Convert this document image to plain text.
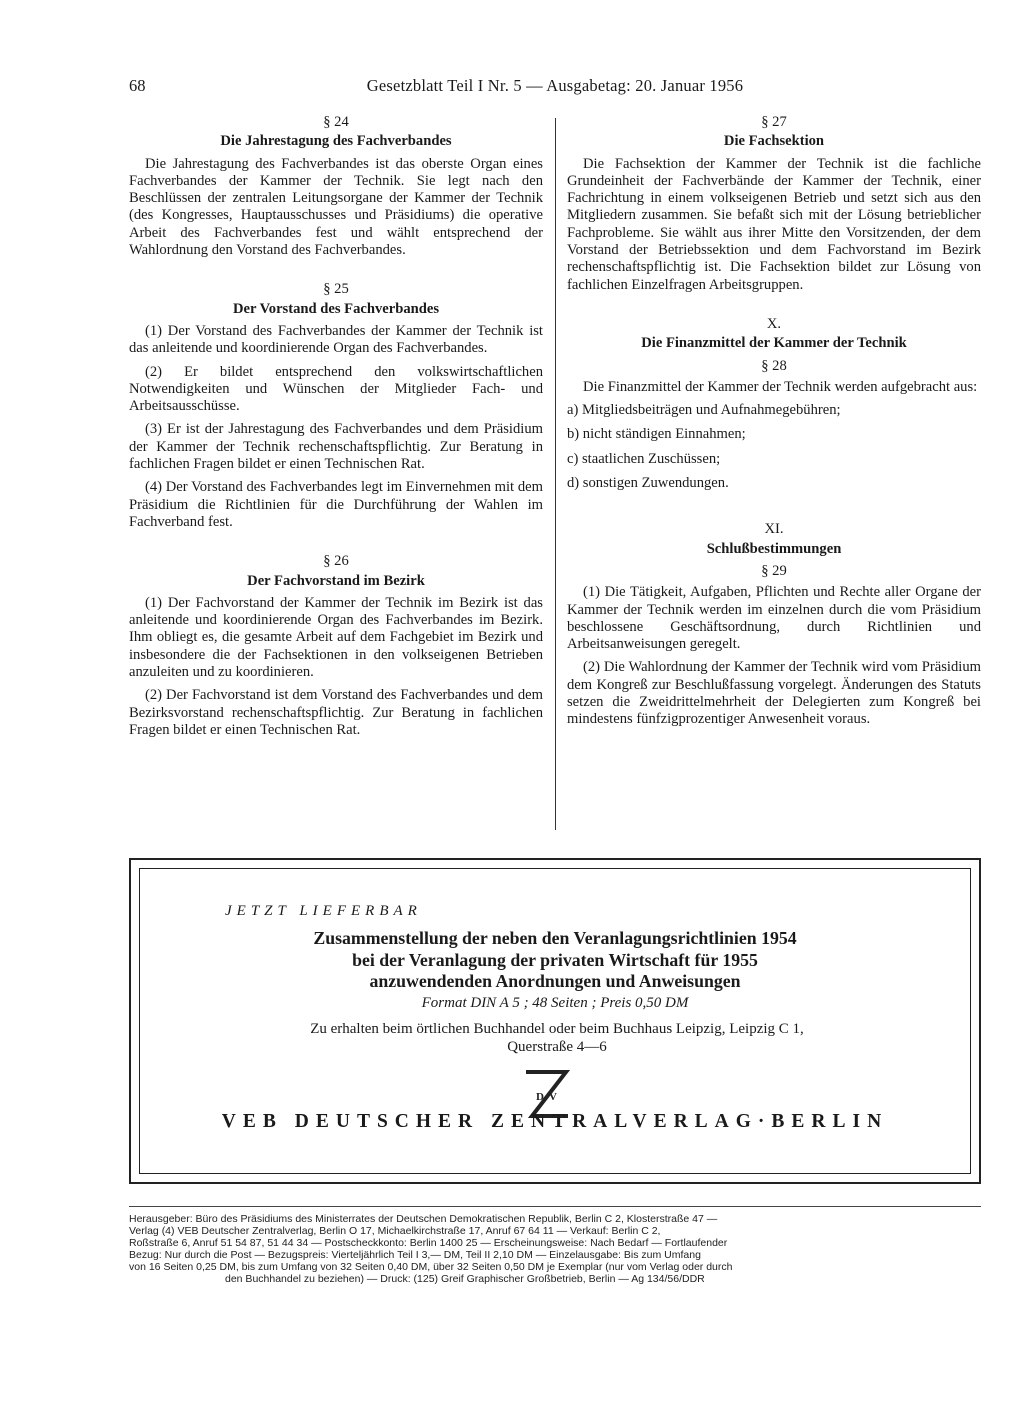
68	Gesetzblatt Teil I Nr. 5 — Ausgabetag: 20. Januar 1956
§ 24
Die Jahrestagung des Fachverbandes

Die Jahrestagung des Fachverbandes ist das oberste Organ eines Fachverbandes der Kammer der Technik. Sie legt nach den Beschlüssen der zentralen Leitungsorgane der Kammer der Technik (des Kongresses, Hauptausschusses und Präsidiums) die operative Arbeit des Fachverbandes fest und wählt entsprechend der Wahlordnung den Vorstand des Fachverbandes.

§ 25
Der Vorstand des Fachverbandes

(1) Der Vorstand des Fachverbandes der Kammer der Technik ist das anleitende und koordinierende Organ des Fachverbandes.

(2) Er bildet entsprechend den volkswirtschaftlichen Notwendigkeiten und Wünschen der Mitglieder Fach- und Arbeitsausschüsse.

(3) Er ist der Jahrestagung des Fachverbandes und dem Präsidium der Kammer der Technik rechenschaftspflichtig. Zur Beratung in fachlichen Fragen bildet er einen Technischen Rat.

(4) Der Vorstand des Fachverbandes legt im Einvernehmen mit dem Präsidium die Richtlinien für die Durchführung der Wahlen im Fachverband fest.

§ 26
Der Fachvorstand im Bezirk

(1) Der Fachvorstand der Kammer der Technik im Bezirk ist das anleitende und koordinierende Organ des Fachverbandes im Bezirk. Ihm obliegt es, die gesamte Arbeit auf dem Fachgebiet im Bezirk und insbesondere die der Fachsektionen in den volkseigenen Betrieben anzuleiten und zu koordinieren.

(2) Der Fachvorstand ist dem Vorstand des Fachverbandes und dem Bezirksvorstand rechenschaftspflichtig. Zur Beratung in fachlichen Fragen bildet er einen Technischen Rat.

§ 27
Die Fachsektion

Die Fachsektion der Kammer der Technik ist die fachliche Grundeinheit der Fachverbände der Kammer der Technik, einer Fachrichtung in einem volkseigenen Betrieb und setzt sich aus den Mitgliedern zusammen. Sie befaßt sich mit der Lösung betrieblicher Fachprobleme. Sie wählt aus ihrer Mitte den Vorsitzenden, der dem Vorstand der Betriebssektion und dem Fachvorstand im Bezirk rechenschaftspflichtig ist. Die Fachsektion bildet zur Lösung von fachlichen Einzelfragen Arbeitsgruppen.

X.
Die Finanzmittel der Kammer der Technik
§ 28

Die Finanzmittel der Kammer der Technik werden aufgebracht aus:

a) Mitgliedsbeiträgen und Aufnahmegebühren;
b) nicht ständigen Einnahmen;
c) staatlichen Zuschüssen;
d) sonstigen Zuwendungen.
XI.
Schlußbestimmungen
§ 29

(1) Die Tätigkeit, Aufgaben, Pflichten und Rechte aller Organe der Kammer der Technik werden im einzelnen durch die vom Präsidium beschlossene Geschäftsordnung, durch Richtlinien und Arbeitsanweisungen geregelt.

(2) Die Wahlordnung der Kammer der Technik wird vom Präsidium dem Kongreß zur Beschlußfassung vorgelegt. Änderungen des Statuts setzen die Zweidrittelmehrheit der Delegierten zum Kongreß bei mindestens fünfzigprozentiger Anwesenheit voraus.

JETZT LIEFERBAR
Zusammenstellung der neben den Veranlagungsrichtlinien 1954
bei der Veranlagung der privaten Wirtschaft für 1955
anzuwendenden Anordnungen und Anweisungen
Format DIN A 5 ; 48 Seiten ; Preis 0,50 DM
Zu erhalten beim örtlichen Buchhandel oder beim Buchhaus Leipzig, Leipzig C 1,
Querstraße 4—6
D V
VEB DEUTSCHER ZENTRALVERLAG·BERLIN
Herausgeber: Büro des Präsidiums des Ministerrates der Deutschen Demokratischen Republik, Berlin C 2, Klosterstraße 47 —
Verlag (4) VEB Deutscher Zentralverlag, Berlin O 17, Michaelkirchstraße 17, Anruf 67 64 11 — Verkauf: Berlin C 2,
Roßstraße 6, Anruf 51 54 87, 51 44 34 — Postscheckkonto: Berlin 1400 25 — Erscheinungsweise: Nach Bedarf — Fortlaufender
Bezug: Nur durch die Post — Bezugspreis: Vierteljährlich Teil I 3,— DM, Teil II 2,10 DM — Einzelausgabe: Bis zum Umfang
von 16 Seiten 0,25 DM, bis zum Umfang von 32 Seiten 0,40 DM, über 32 Seiten 0,50 DM je Exemplar (nur vom Verlag oder durch
den Buchhandel zu beziehen) — Druck: (125) Greif Graphischer Großbetrieb, Berlin — Ag 134/56/DDR
